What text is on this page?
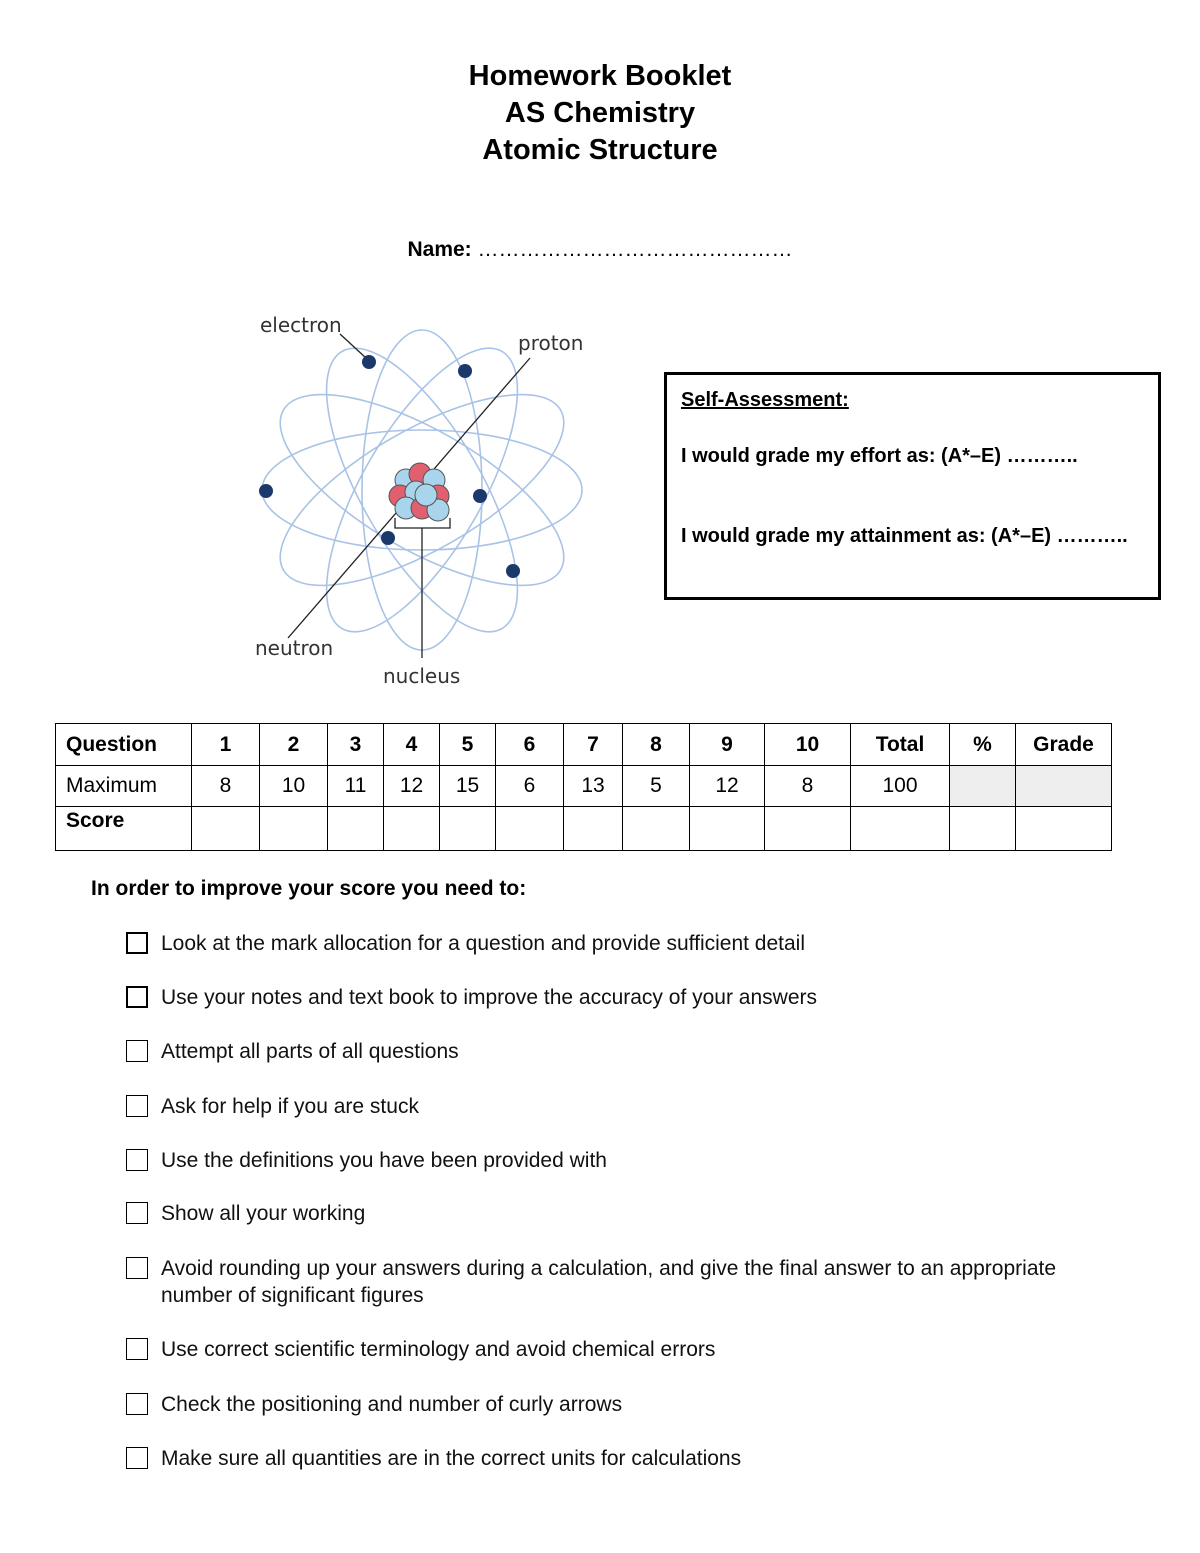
Homework Booklet
AS Chemistry
Atomic Structure
Name: ………………………………………
electron
proton
neutron
nucleus

Self-Assessment:

I would grade my effort as: (A*–E) ………..

I would grade my attainment as: (A*–E) ………..

Question	1	2	3	4	5	6	7	8	9	10	Total	%	Grade
Maximum	8	10	11	12	15	6	13	5	12	8	100		
Score													
In order to improve your score you need to:
Look at the mark allocation for a question and provide sufficient detail
Use your notes and text book to improve the accuracy of your answers
Attempt all parts of all questions
Ask for help if you are stuck
Use the definitions you have been provided with
Show all your working
Avoid rounding up your answers during a calculation, and give the final answer to an appropriate number of significant figures
Use correct scientific terminology and avoid chemical errors
Check the positioning and number of curly arrows
Make sure all quantities are in the correct units for calculations
